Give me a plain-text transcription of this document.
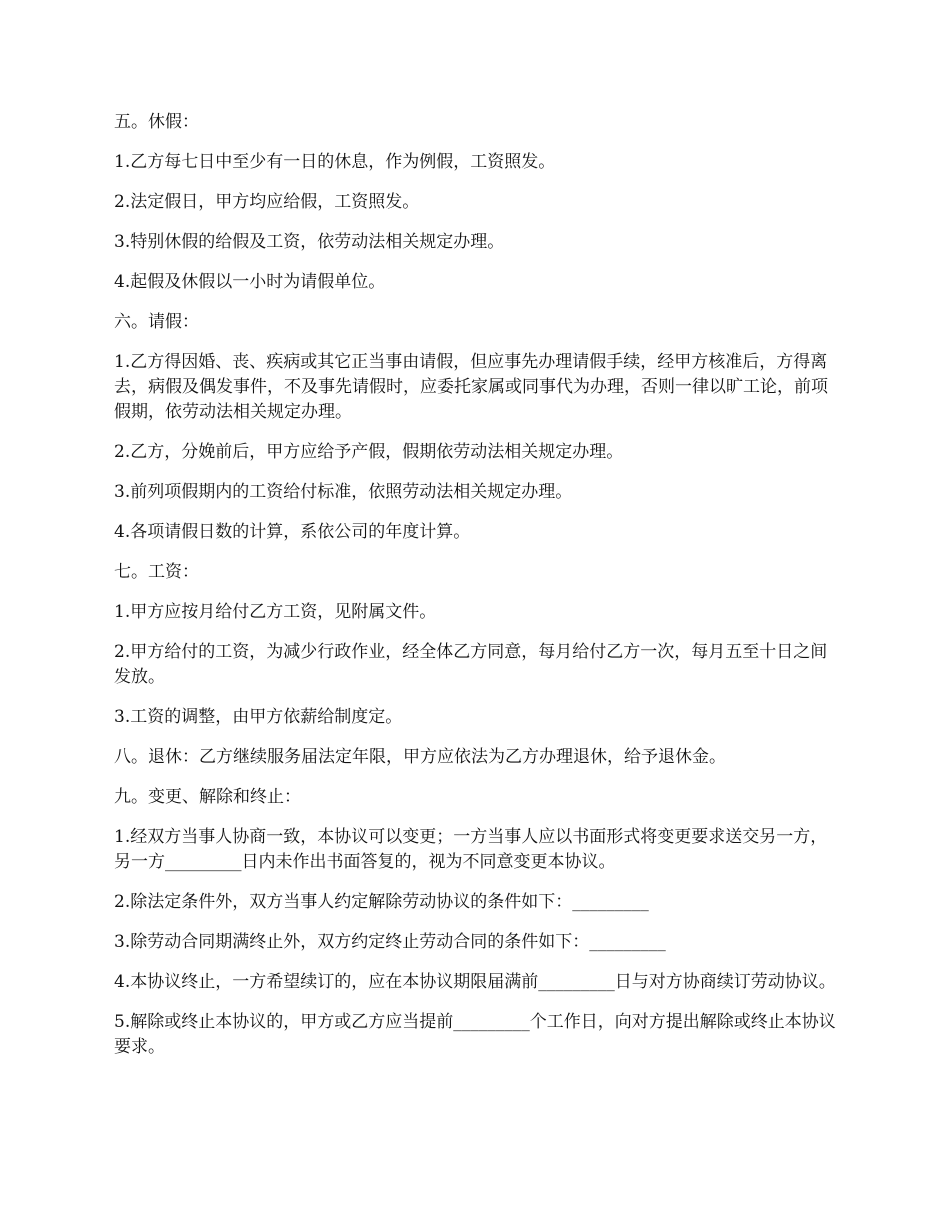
五。休假：

1.乙方每七日中至少有一日的休息，作为例假，工资照发。

2.法定假日，甲方均应给假，工资照发。

3.特别休假的给假及工资，依劳动法相关规定办理。

4.起假及休假以一小时为请假单位。

六。请假：

1.乙方得因婚、丧、疾病或其它正当事由请假，但应事先办理请假手续，经甲方核准后，方得离去，病假及偶发事件，不及事先请假时，应委托家属或同事代为办理，否则一律以旷工论，前项假期，依劳动法相关规定办理。

2.乙方，分娩前后，甲方应给予产假，假期依劳动法相关规定办理。

3.前列项假期内的工资给付标准，依照劳动法相关规定办理。

4.各项请假日数的计算，系依公司的年度计算。

七。工资：

1.甲方应按月给付乙方工资，见附属文件。

2.甲方给付的工资，为减少行政作业，经全体乙方同意，每月给付乙方一次，每月五至十日之间发放。

3.工资的调整，由甲方依薪给制度定。

八。退休：乙方继续服务届法定年限，甲方应依法为乙方办理退休，给予退休金。

九。变更、解除和终止：

1.经双方当事人协商一致，本协议可以变更；一方当事人应以书面形式将变更要求送交另一方，另一方_________日内未作出书面答复的，视为不同意变更本协议。

2.除法定条件外，双方当事人约定解除劳动协议的条件如下：_________

3.除劳动合同期满终止外，双方约定终止劳动合同的条件如下：_________

4.本协议终止，一方希望续订的，应在本协议期限届满前_________日与对方协商续订劳动协议。

5.解除或终止本协议的，甲方或乙方应当提前_________个工作日，向对方提出解除或终止本协议要求。
